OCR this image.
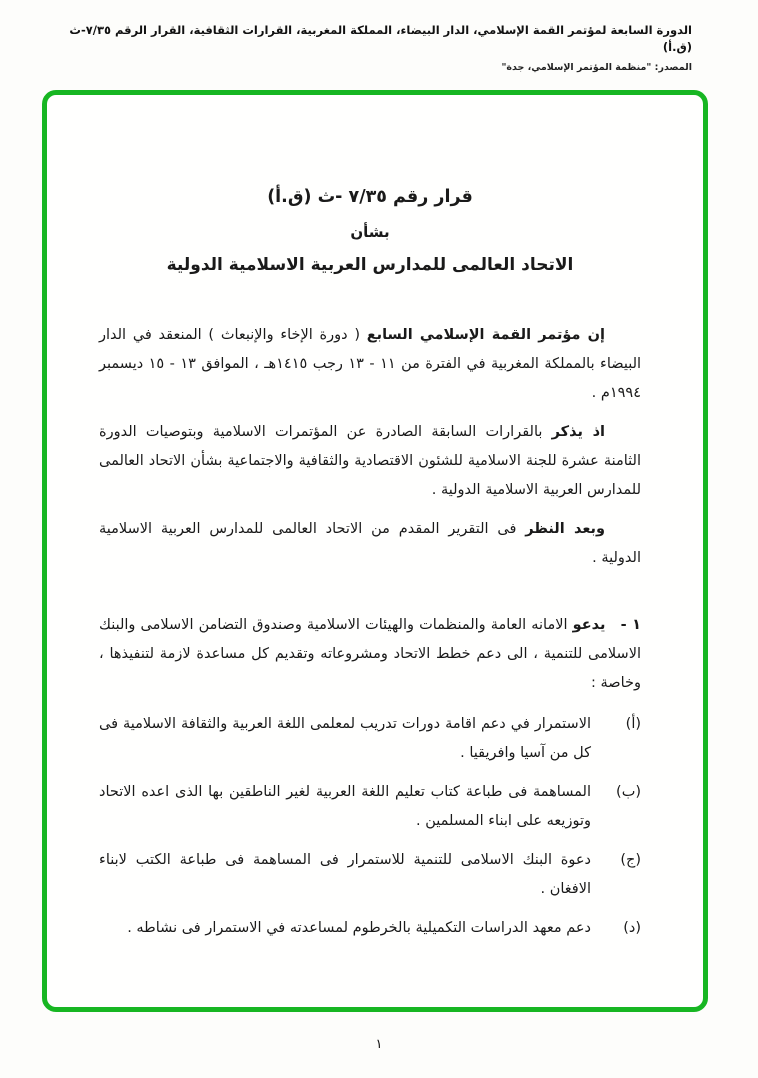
الدورة السابعة لمؤتمر القمة الإسلامي، الدار البيضاء، المملكة المغربية، القرارات الثقافية، القرار الرقم ٧/٣٥-ث (ق.أ)
المصدر: "منظمة المؤتمر الإسلامي، جدة"
قرار رقم ٧/٣٥ -ث (ق.أ)
بشأن
الاتحاد العالمى للمدارس العربية الاسلامية الدولية

إن مؤتمر القمة الإسلامي السابع ( دورة الإخاء والإنبعاث ) المنعقد في الدار البيضاء بالمملكة المغربية في الفترة من ١١ - ١٣ رجب ١٤١٥هـ ، الموافق ١٣ - ١٥ ديسمبر ١٩٩٤م .

اذ يذكر بالقرارات السابقة الصادرة عن المؤتمرات الاسلامية وبتوصيات الدورة الثامنة عشرة للجنة الاسلامية للشئون الاقتصادية والثقافية والاجتماعية بشأن الاتحاد العالمى للمدارس العربية الاسلامية الدولية .

وبعد النظر فى التقرير المقدم من الاتحاد العالمى للمدارس العربية الاسلامية الدولية .

١ - يدعو الامانه العامة والمنظمات والهيئات الاسلامية وصندوق التضامن الاسلامى والبنك الاسلامى للتنمية ، الى دعم خطط الاتحاد ومشروعاته وتقديم كل مساعدة لازمة لتنفيذها ، وخاصة :
(أ)
الاستمرار في دعم اقامة دورات تدريب لمعلمى اللغة العربية والثقافة الاسلامية فى كل من آسيا وافريقيا .
(ب)
المساهمة فى طباعة كتاب تعليم اللغة العربية لغير الناطقين بها الذى اعده الاتحاد وتوزيعه على ابناء المسلمين .
(ج)
دعوة البنك الاسلامى للتنمية للاستمرار فى المساهمة فى طباعة الكتب لابناء الافغان .
(د)
دعم معهد الدراسات التكميلية بالخرطوم لمساعدته في الاستمرار فى نشاطه .
١
